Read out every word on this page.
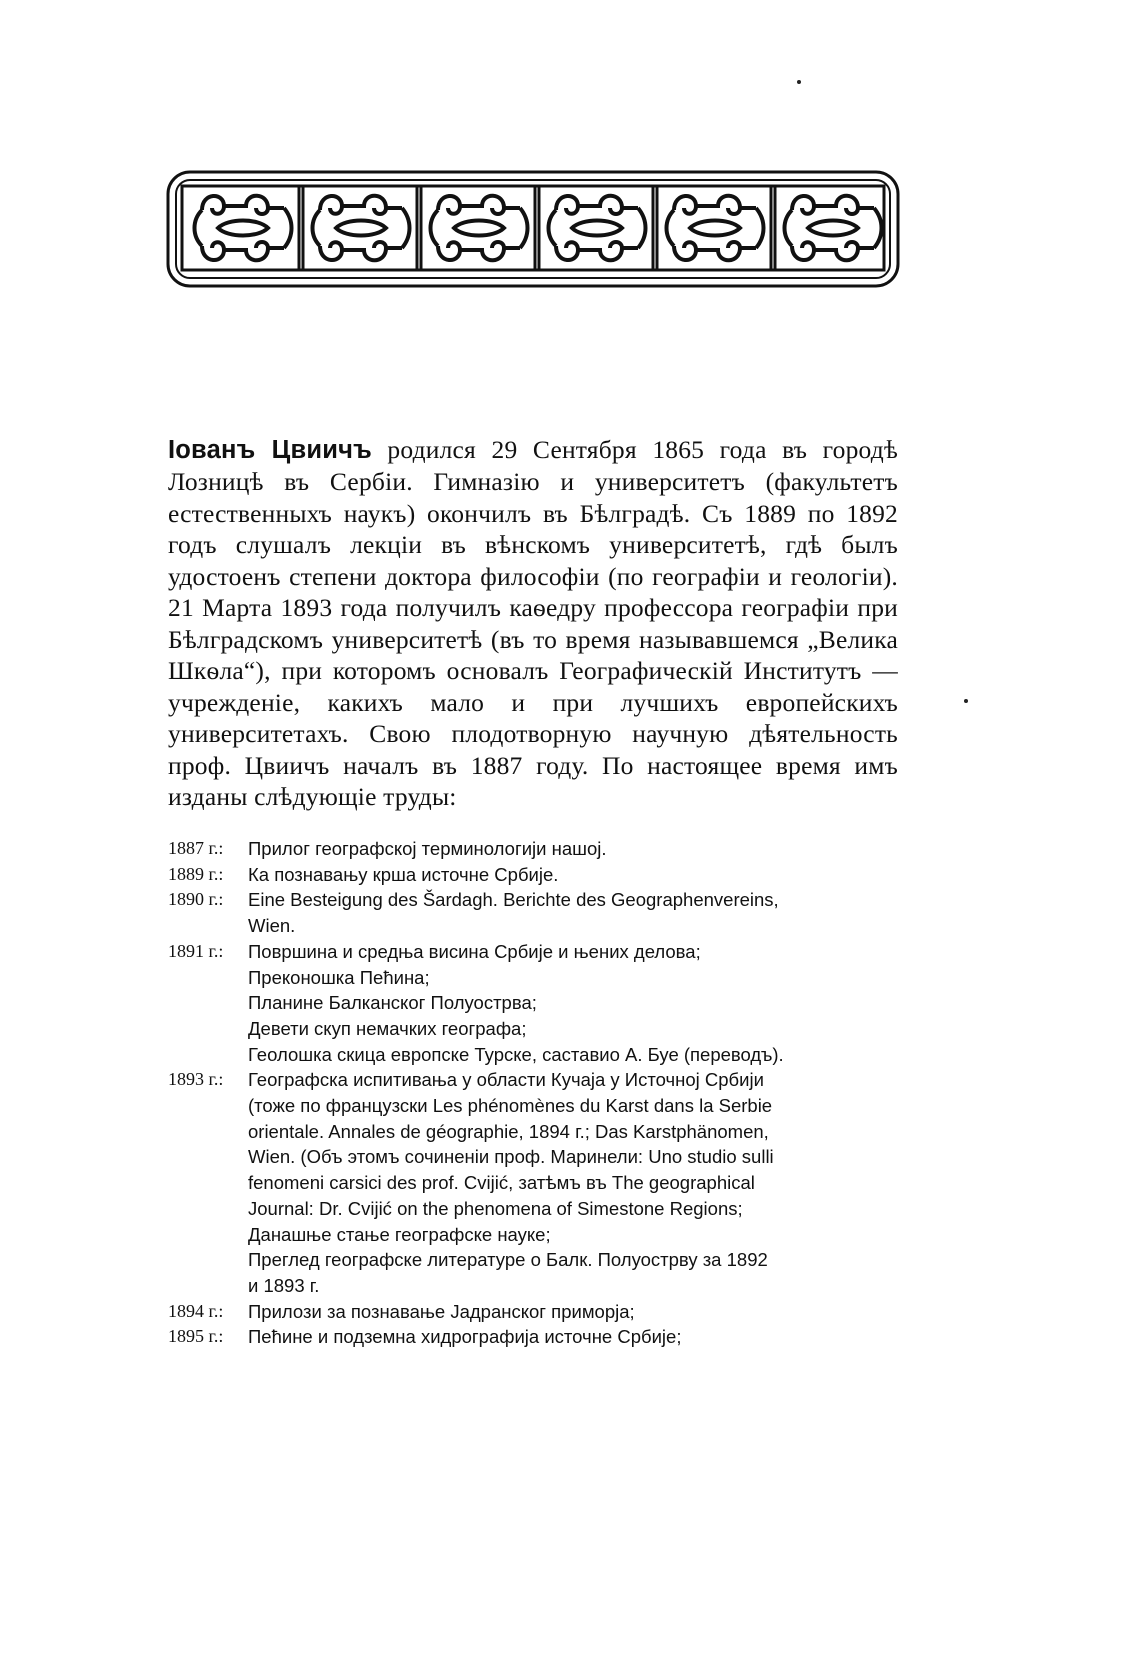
Іованъ Цвиичъ родился 29 Сентября 1865 года въ городѣ Лозницѣ въ Сербіи. Гимназію и университетъ (факультетъ естественныхъ наукъ) окончилъ въ Бѣлградѣ. Съ 1889 по 1892 годъ слушалъ лекціи въ вѣнскомъ университетѣ, гдѣ былъ удостоенъ степени доктора философіи (по географіи и геологіи). 21 Марта 1893 года получилъ каѳедру профессора географіи при Бѣлградскомъ университетѣ (въ то время называвшемся „Велика Шкѳла“), при которомъ основалъ Географическій Институтъ — учрежденіе, какихъ мало и при лучшихъ европейскихъ университетахъ. Свою плодотворную научную дѣятельность проф. Цвиичъ началъ въ 1887 году. По настоящее время имъ изданы слѣдующіе труды:

1887 г.:	Прилог географској терминологији нашој.
1889 г.:	Ка познавању крша источне Србије.
1890 г.:	Eine Besteigung des Šardagh. Berichte des Geographenvereins,
Wien.
1891 г.:	Површина и средња висина Србије и њених делова;
Преконошка Пећина;
Планине Балканског Полуострва;
Девети скуп немачких географа;
Геолошка скица европске Турске, саставио А. Буе (переводъ).
1893 г.:	Географска испитивања у области Кучаја у Источној Србији
(тоже по французски Les phénomènes du Karst dans la Serbie
orientale. Annales de géographie, 1894 г.; Das Karstphänomen,
Wien. (Объ этомъ сочиненіи проф. Маринели: Uno studio sulli
fenomeni carsici des prof. Cvijić, затѣмъ въ The geographical
Journal: Dr. Cvijić on the phenomena of Simestone Regions;
Данашње стање географске науке;
Преглед географске литературе о Балк. Полуострву за 1892
и 1893 г.
1894 г.:	Прилози за познавање Јадранског приморја;
1895 г.:	Пећине и подземна хидрографија источне Србије;
